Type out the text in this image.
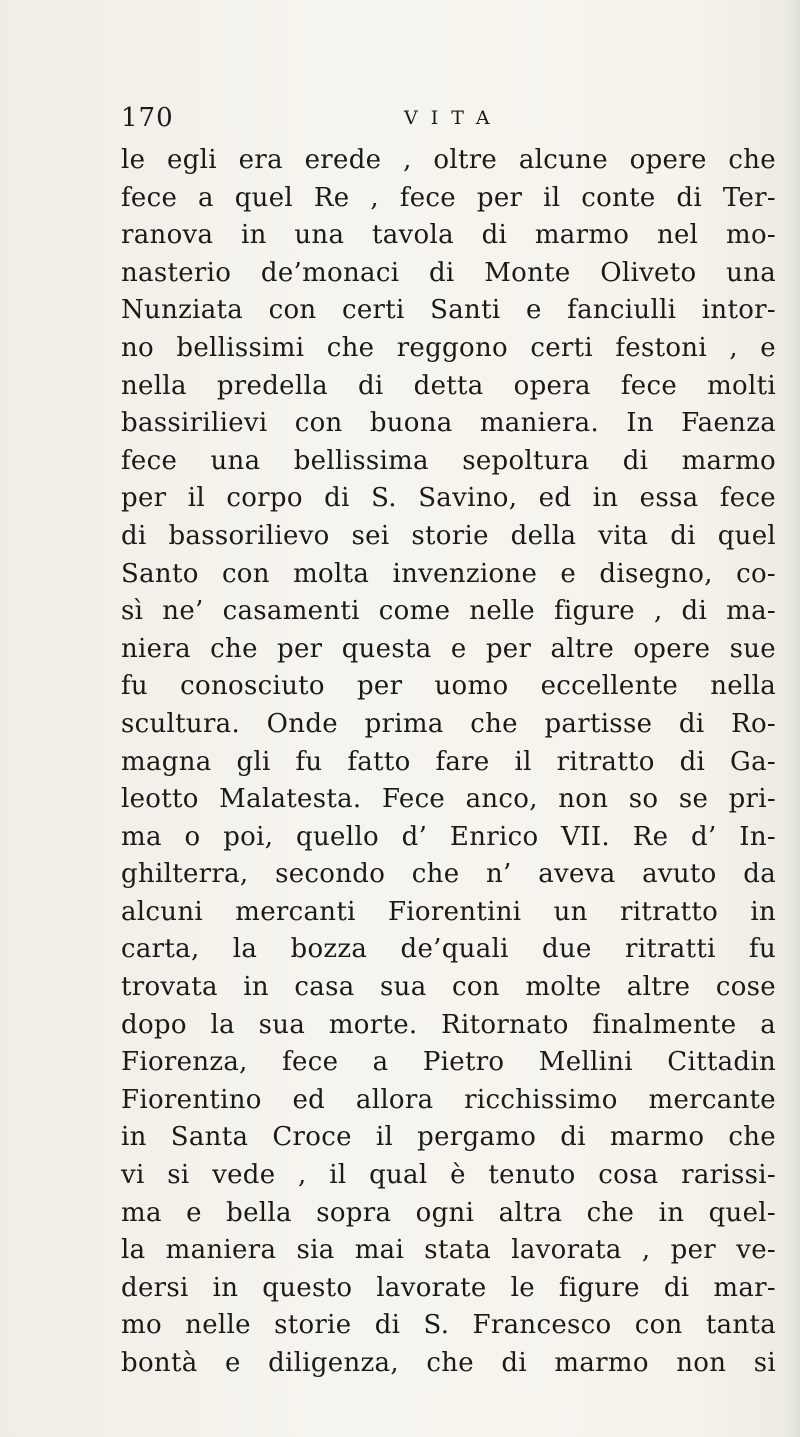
170	VITA
le egli era erede , oltre alcune opere che
fece a quel Re , fece per il conte di Ter-
ranova in una tavola di marmo nel mo-
nasterio de’monaci di Monte Oliveto una
Nunziata con certi Santi e fanciulli intor-
no bellissimi che reggono certi festoni , e
nella predella di detta opera fece molti
bassirilievi con buona maniera. In Faenza
fece una bellissima sepoltura di marmo
per il corpo di S. Savino, ed in essa fece
di bassorilievo sei storie della vita di quel
Santo con molta invenzione e disegno, co-
sì ne’ casamenti come nelle figure , di ma-
niera che per questa e per altre opere sue
fu conosciuto per uomo eccellente nella
scultura. Onde prima che partisse di Ro-
magna gli fu fatto fare il ritratto di Ga-
leotto Malatesta. Fece anco, non so se pri-
ma o poi, quello d’ Enrico VII. Re d’ In-
ghilterra, secondo che n’ aveva avuto da
alcuni mercanti Fiorentini un ritratto in
carta, la bozza de’quali due ritratti fu
trovata in casa sua con molte altre cose
dopo la sua morte. Ritornato finalmente a
Fiorenza, fece a Pietro Mellini Cittadin
Fiorentino ed allora ricchissimo mercante
in Santa Croce il pergamo di marmo che
vi si vede , il qual è tenuto cosa rarissi-
ma e bella sopra ogni altra che in quel-
la maniera sia mai stata lavorata , per ve-
dersi in questo lavorate le figure di mar-
mo nelle storie di S. Francesco con tanta
bontà e diligenza, che di marmo non si
